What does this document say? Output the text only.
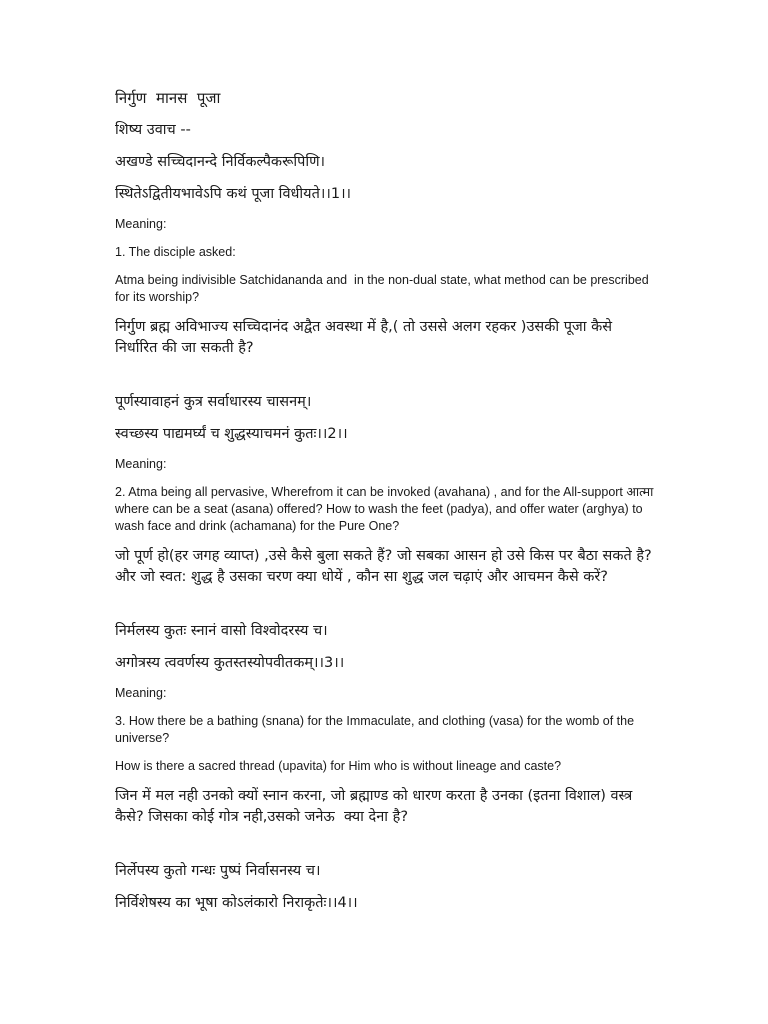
निर्गुण  मानस  पूजा

शिष्य उवाच --

अखण्डे सच्चिदानन्दे निर्विकल्पैकरूपिणि।

स्थितेऽद्वितीयभावेऽपि कथं पूजा विधीयते।।1।।

Meaning:

1. The disciple asked:

Atma being indivisible Satchidananda and  in the non-dual state, what method can be prescribed for its worship?

निर्गुण ब्रह्म अविभाज्य सच्चिदानंद अद्वैत अवस्था में है,( तो उससे अलग रहकर )उसकी पूजा कैसे निर्धारित की जा सकती है?

पूर्णस्यावाहनं कुत्र सर्वाधारस्य चासनम्।

स्वच्छस्य पाद्यमर्घ्यं च शुद्धस्याचमनं कुतः।।2।।

Meaning:

2. Atma being all pervasive, Wherefrom it can be invoked (avahana) , and for the All-support आत्मा where can be a seat (asana) offered? How to wash the feet (padya), and offer water (arghya) to wash face and drink (achamana) for the Pure One?

जो पूर्ण हो(हर जगह व्याप्त) ,उसे कैसे बुला सकते हैं? जो सबका आसन हो उसे किस पर बैठा सकते है?और जो स्वत: शुद्ध है उसका चरण क्या धोयें , कौन सा शुद्ध जल चढ़ाएं और आचमन कैसे करें?

निर्मलस्य कुतः स्नानं वासो विश्वोदरस्य च।

अगोत्रस्य त्ववर्णस्य कुतस्तस्योपवीतकम्।।3।।

Meaning:

3. How there be a bathing (snana) for the Immaculate, and clothing (vasa) for the womb of the universe?

How is there a sacred thread (upavita) for Him who is without lineage and caste?

जिन में मल नही उनको क्यों स्नान करना, जो ब्रह्माण्ड को धारण करता है उनका (इतना विशाल) वस्त्र कैसे? जिसका कोई गोत्र नही,उसको जनेऊ  क्या देना है?

निर्लेपस्य कुतो गन्धः पुष्पं निर्वासनस्य च।

निर्विशेषस्य का भूषा कोऽलंकारो निराकृतेः।।4।।
